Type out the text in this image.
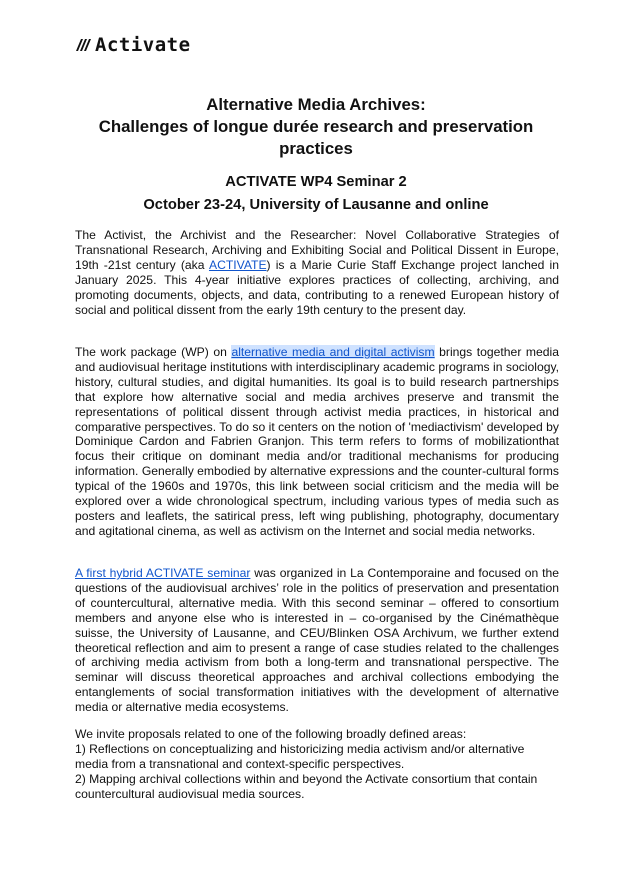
Activate
Alternative Media Archives:
Challenges of longue durée research and preservation
practices
ACTIVATE WP4 Seminar 2
October 23-24, University of Lausanne and online

The Activist, the Archivist and the Researcher: Novel Collaborative Strategies of Transnational Research, Archiving and Exhibiting Social and Political Dissent in Europe, 19th -21st century (aka ACTIVATE) is a Marie Curie Staff Exchange project lanched in January 2025. This 4-year initiative explores practices of collecting, archiving, and promoting documents, objects, and data, contributing to a renewed European history of social and political dissent from the early 19th century to the present day.

The work package (WP) on alternative media and digital activism brings together media and audiovisual heritage institutions with interdisciplinary academic programs in sociology, history, cultural studies, and digital humanities. Its goal is to build research partnerships that explore how alternative social and media archives preserve and transmit the representations of political dissent through activist media practices, in historical and comparative perspectives. To do so it centers on the notion of 'mediactivism' developed by Dominique Cardon and Fabrien Granjon. This term refers to forms of mobilizationthat focus their critique on dominant media and/or traditional mechanisms for producing information. Generally embodied by alternative expressions and the counter-cultural forms typical of the 1960s and 1970s, this link between social criticism and the media will be explored over a wide chronological spectrum, including various types of media such as posters and leaflets, the satirical press, left wing publishing, photography, documentary and agitational cinema, as well as activism on the Internet and social media networks.

A first hybrid ACTIVATE seminar was organized in La Contemporaine and focused on the questions of the audiovisual archives’ role in the politics of preservation and presentation of countercultural, alternative media. With this second seminar – offered to consortium members and anyone else who is interested in – co-organised by the Cinémathèque suisse, the University of Lausanne, and CEU/Blinken OSA Archivum, we further extend theoretical reflection and aim to present a range of case studies related to the challenges of archiving media activism from both a long-term and transnational perspective. The seminar will discuss theoretical approaches and archival collections embodying the entanglements of social transformation initiatives with the development of alternative media or alternative media ecosystems.

We invite proposals related to one of the following broadly defined areas:
1) Reflections on conceptualizing and historicizing media activism and/or alternative media from a transnational and context-specific perspectives.
2) Mapping archival collections within and beyond the Activate consortium that contain countercultural audiovisual media sources.
